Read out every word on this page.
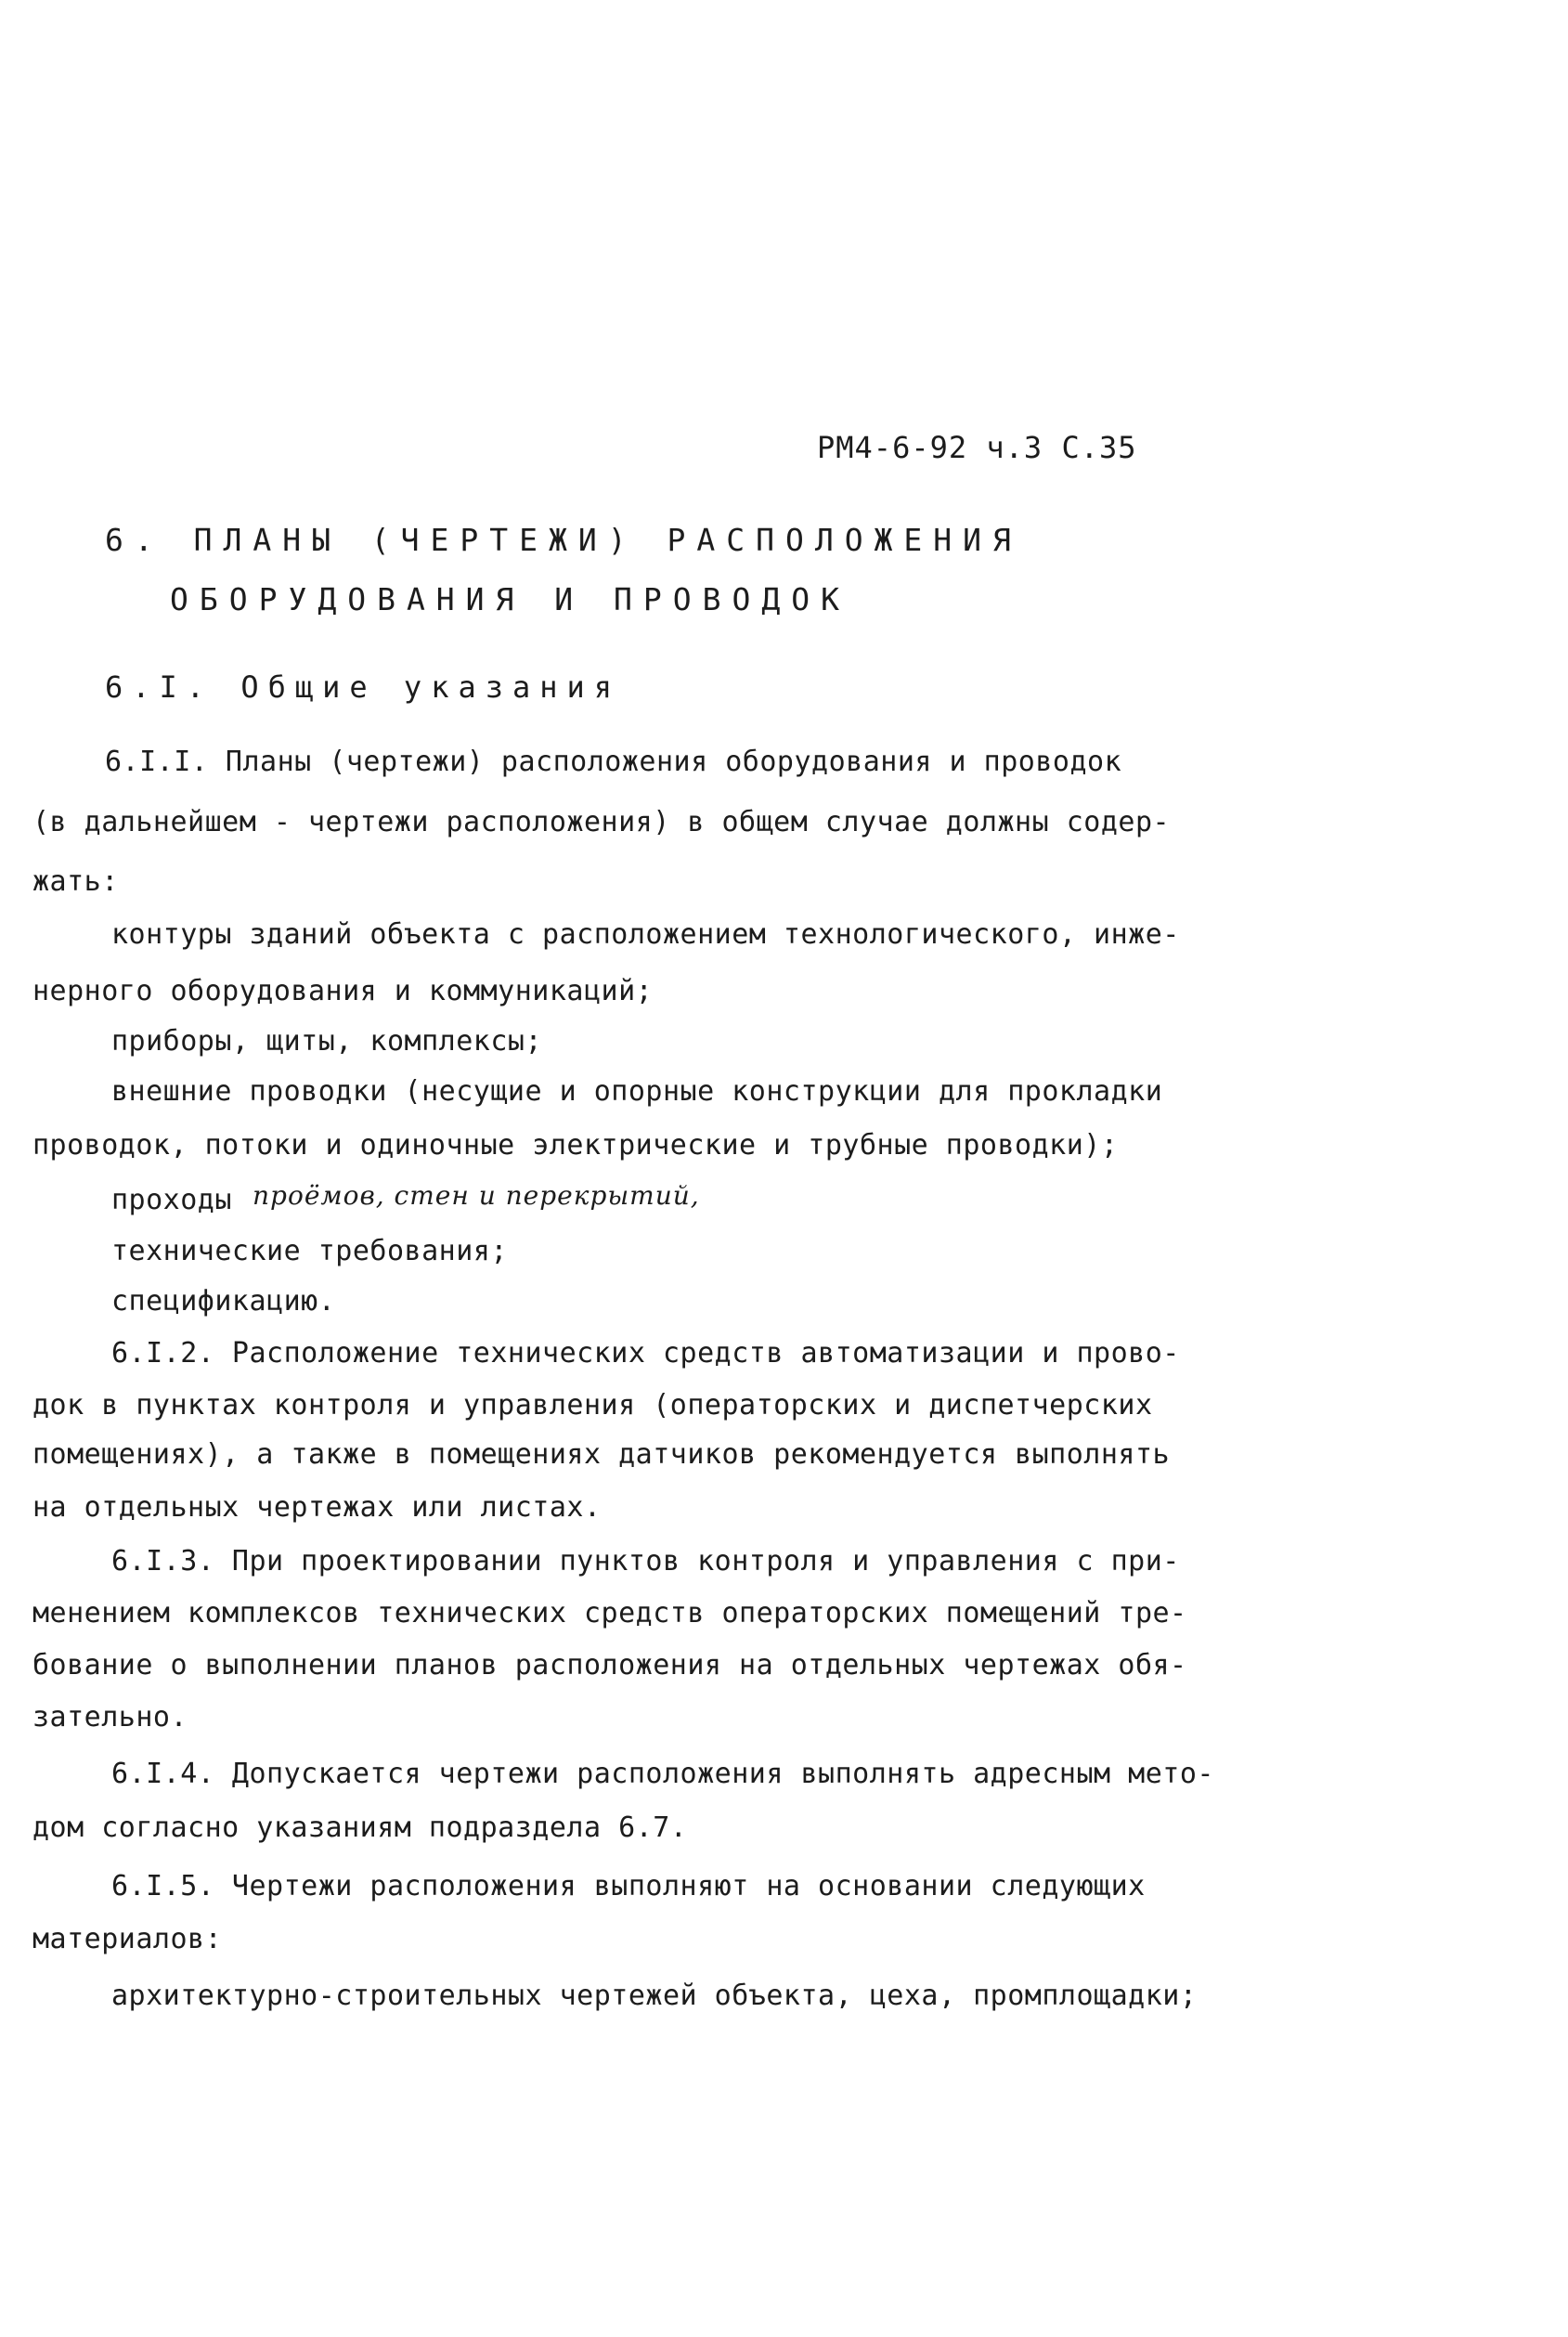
РМ4-6-92 ч.3 С.35
6. ПЛАНЫ (ЧЕРТЕЖИ) РАСПОЛОЖЕНИЯ
ОБОРУДОВАНИЯ И ПРОВОДОК
6.I. Общие указания
6.I.I. Планы (чертежи) расположения оборудования и проводок
(в дальнейшем - чертежи расположения) в общем случае должны содер-
жать:
контуры зданий объекта с расположением технологического, инже-
нерного оборудования и коммуникаций;
приборы, щиты, комплексы;
внешние проводки (несущие и опорные конструкции для прокладки
проводок, потоки и одиночные электрические и трубные проводки);
проходы проёмов, стен и перекрытий,
технические требования;
спецификацию.
6.I.2. Расположение технических средств автоматизации и прово-
док в пунктах контроля и управления (операторских и диспетчерских
помещениях), а также в помещениях датчиков рекомендуется выполнять
на отдельных чертежах или листах.
6.I.3. При проектировании пунктов контроля и управления с при-
менением комплексов технических средств операторских помещений тре-
бование о выполнении планов расположения на отдельных чертежах обя-
зательно.
6.I.4. Допускается чертежи расположения выполнять адресным мето-
дом согласно указаниям подраздела 6.7.
6.I.5. Чертежи расположения выполняют на основании следующих
материалов:
архитектурно-строительных чертежей объекта, цеха, промплощадки;
